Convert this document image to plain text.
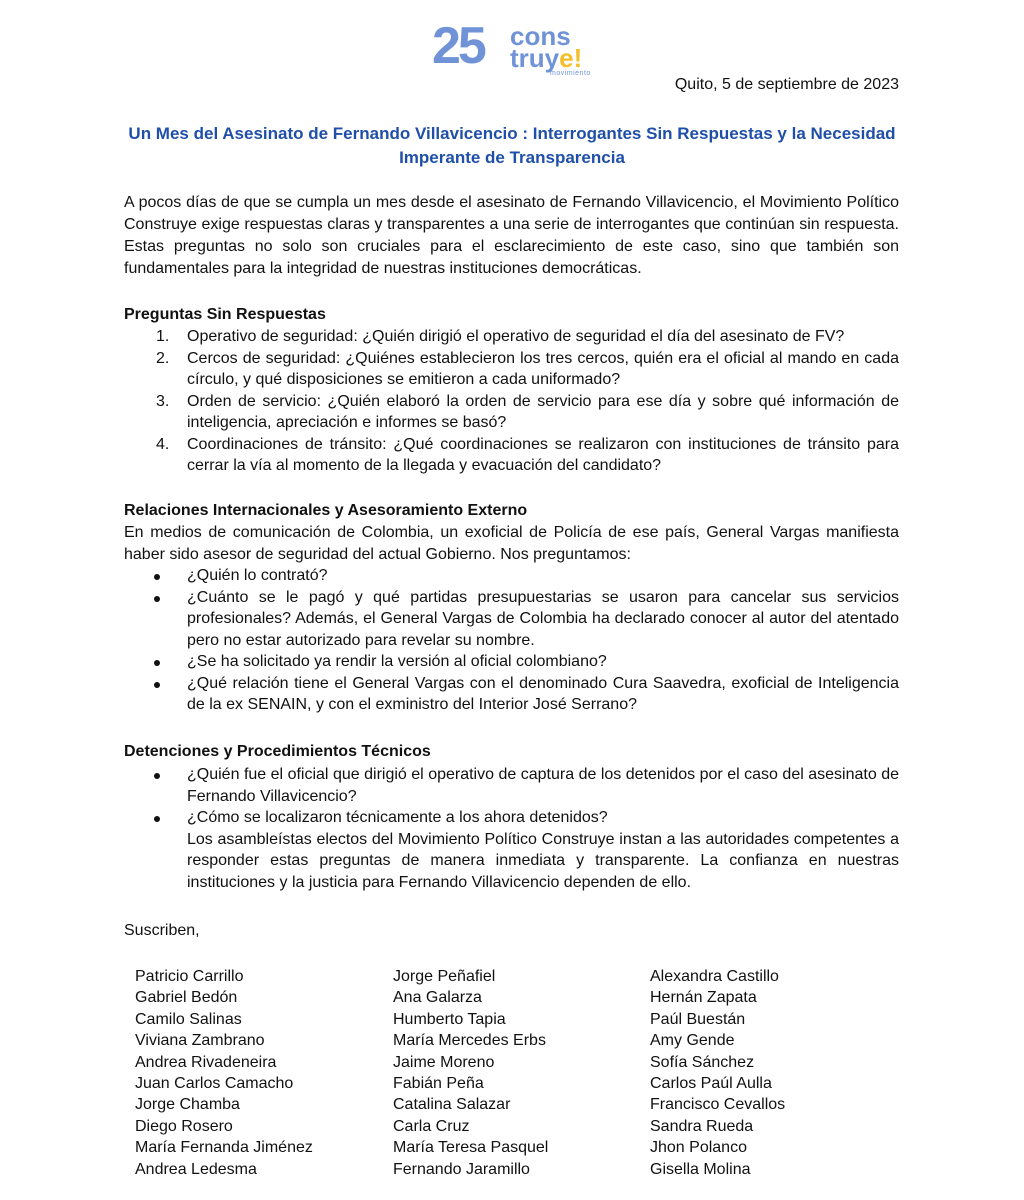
25 cons
truye!
movimiento
Quito, 5 de septiembre de 2023
Un Mes del Asesinato de Fernando Villavicencio : Interrogantes Sin Respuestas y la Necesidad Imperante de Transparencia
A pocos días de que se cumpla un mes desde el asesinato de Fernando Villavicencio, el Movimiento Político Construye exige respuestas claras y transparentes a una serie de interrogantes que continúan sin respuesta. Estas preguntas no solo son cruciales para el esclarecimiento de este caso, sino que también son fundamentales para la integridad de nuestras instituciones democráticas.
Preguntas Sin Respuestas
1. Operativo de seguridad: ¿Quién dirigió el operativo de seguridad el día del asesinato de FV?
2. Cercos de seguridad: ¿Quiénes establecieron los tres cercos, quién era el oficial al mando en cada círculo, y qué disposiciones se emitieron a cada uniformado?
3. Orden de servicio: ¿Quién elaboró la orden de servicio para ese día y sobre qué información de inteligencia, apreciación e informes se basó?
4. Coordinaciones de tránsito: ¿Qué coordinaciones se realizaron con instituciones de tránsito para cerrar la vía al momento de la llegada y evacuación del candidato?
Relaciones Internacionales y Asesoramiento Externo
En medios de comunicación de Colombia, un exoficial de Policía de ese país, General Vargas manifiesta haber sido asesor de seguridad del actual Gobierno. Nos preguntamos:
¿Quién lo contrató?
¿Cuánto se le pagó y qué partidas presupuestarias se usaron para cancelar sus servicios profesionales? Además, el General Vargas de Colombia ha declarado conocer al autor del atentado pero no estar autorizado para revelar su nombre.
¿Se ha solicitado ya rendir la versión al oficial colombiano?
¿Qué relación tiene el General Vargas con el denominado Cura Saavedra, exoficial de Inteligencia de la ex SENAIN, y con el exministro del Interior José Serrano?
Detenciones y Procedimientos Técnicos
¿Quién fue el oficial que dirigió el operativo de captura de los detenidos por el caso del asesinato de Fernando Villavicencio?
¿Cómo se localizaron técnicamente a los ahora detenidos?
Los asambleístas electos del Movimiento Político Construye instan a las autoridades competentes a responder estas preguntas de manera inmediata y transparente. La confianza en nuestras instituciones y la justicia para Fernando Villavicencio dependen de ello.
Suscriben,
Patricio Carrillo
Gabriel Bedón
Camilo Salinas
Viviana Zambrano
Andrea Rivadeneira
Juan Carlos Camacho
Jorge Chamba
Diego Rosero
María Fernanda Jiménez
Andrea Ledesma
Jorge Peñafiel
Ana Galarza
Humberto Tapia
María Mercedes Erbs
Jaime Moreno
Fabián Peña
Catalina Salazar
Carla Cruz
María Teresa Pasquel
Fernando Jaramillo
Alexandra Castillo
Hernán Zapata
Paúl Buestán
Amy Gende
Sofía Sánchez
Carlos Paúl Aulla
Francisco Cevallos
Sandra Rueda
Jhon Polanco
Gisella Molina
